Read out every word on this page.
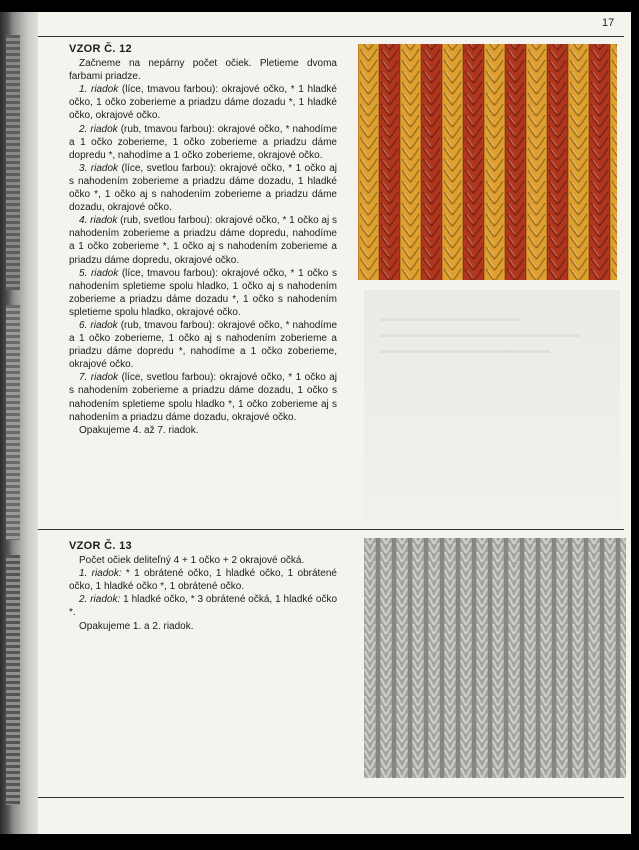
17

VZOR Č. 12

Začneme na nepárny počet očiek. Pletieme dvoma farbami priadze.

1. riadok (líce, tmavou farbou): okrajové očko, * 1 hladké očko, 1 očko zoberieme a priadzu dáme dozadu *, 1 hladké očko, okrajové očko.

2. riadok (rub, tmavou farbou): okrajové očko, * nahodíme a 1 očko zoberieme, 1 očko zoberieme a priadzu dáme dopredu *, nahodíme a 1 očko zoberieme, okrajové očko.

3. riadok (líce, svetlou farbou): okrajové očko, * 1 očko aj s nahodením zoberieme a priadzu dáme dozadu, 1 hladké očko *, 1 očko aj s nahodením zoberieme a priadzu dáme dozadu, okrajové očko.

4. riadok (rub, svetlou farbou): okrajové očko, * 1 očko aj s nahodením zoberieme a priadzu dáme dopredu, nahodíme a 1 očko zoberieme *, 1 očko aj s nahodením zoberieme a priadzu dáme dopredu, okrajové očko.

5. riadok (líce, tmavou farbou): okrajové očko, * 1 očko s nahodením spletieme spolu hladko, 1 očko aj s nahodením zoberieme a priadzu dáme dozadu *, 1 očko s nahodením spletieme spolu hladko, okrajové očko.

6. riadok (rub, tmavou farbou): okrajové očko, * nahodíme a 1 očko zoberieme, 1 očko aj s nahodením zoberieme a priadzu dáme dopredu *, nahodíme a 1 očko zoberieme, okrajové očko.

7. riadok (líce, svetlou farbou): okrajové očko, * 1 očko aj s nahodením zoberieme a priadzu dáme dozadu, 1 očko s nahodením spletieme spolu hladko *, 1 očko zoberieme aj s nahodením a priadzu dáme dozadu, okrajové očko.

Opakujeme 4. až 7. riadok.

VZOR Č. 13

Počet očiek deliteľný 4 + 1 očko + 2 okrajové očká.

1. riadok: * 1 obrátené očko, 1 hladké očko, 1 obrátené očko, 1 hladké očko *, 1 obrátené očko.

2. riadok: 1 hladké očko, * 3 obrátené očká, 1 hladké očko *.

Opakujeme 1. a 2. riadok.
